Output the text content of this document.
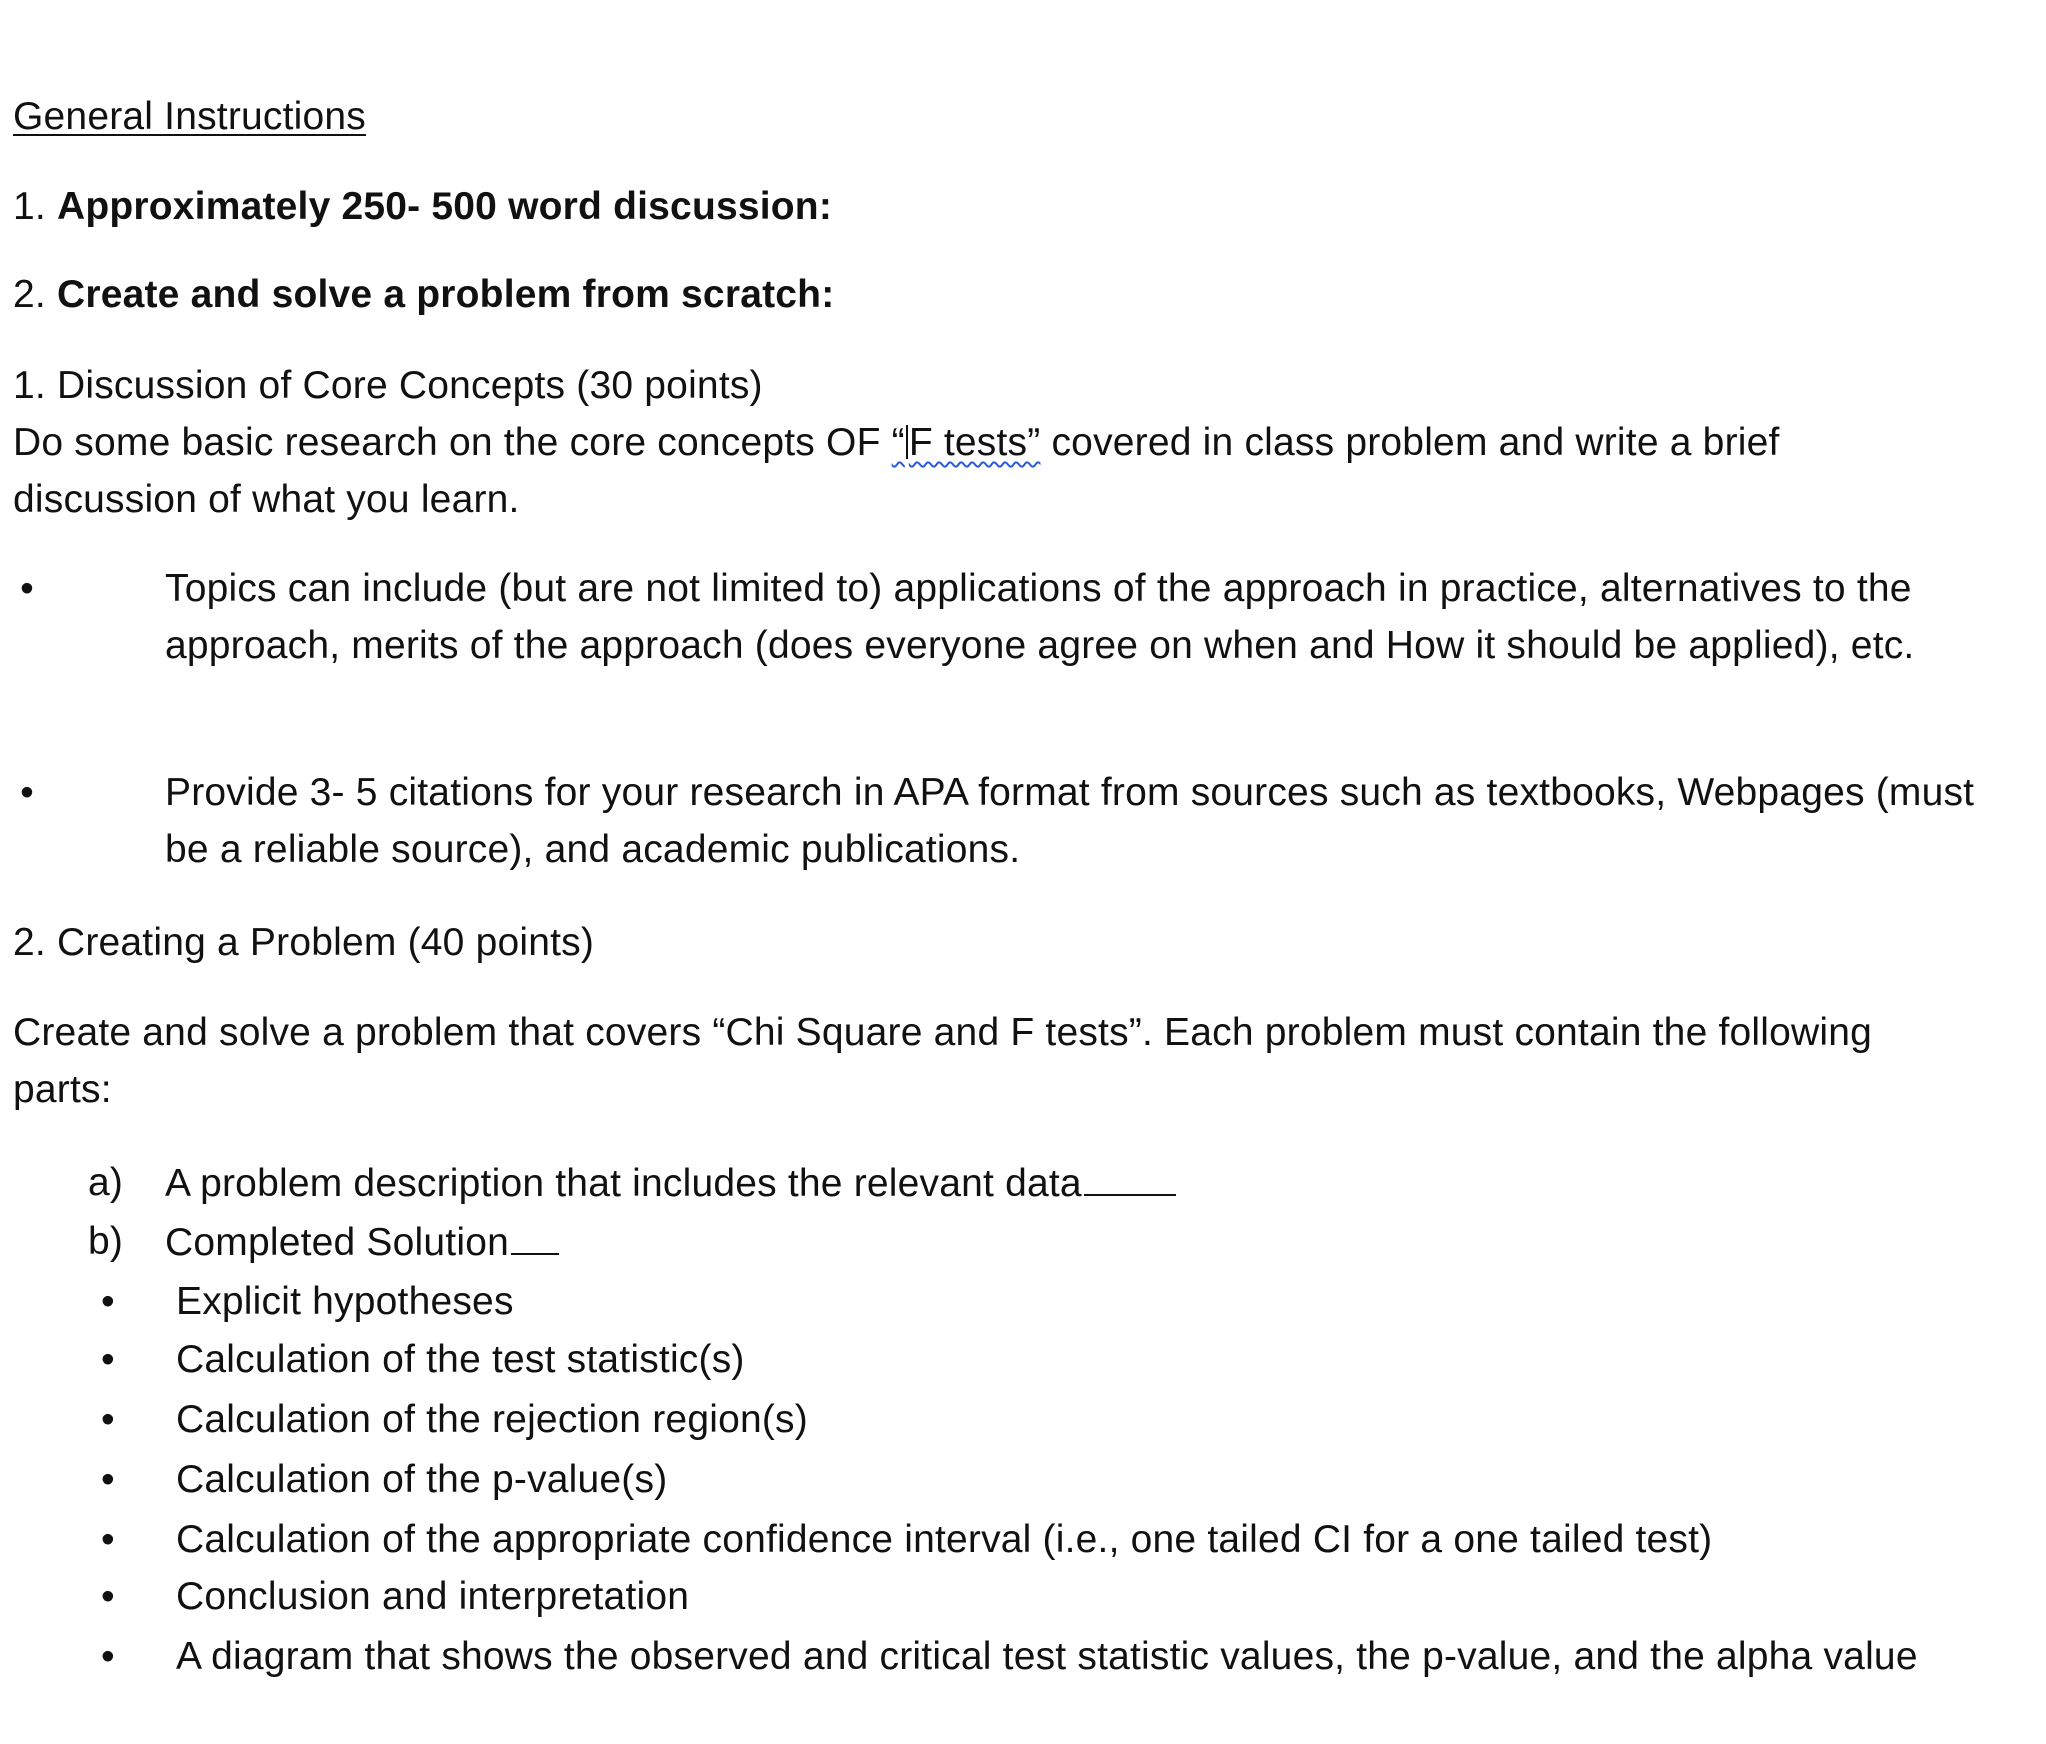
General Instructions
1. Approximately 250- 500 word discussion:
2. Create and solve a problem from scratch:
1. Discussion of Core Concepts (30 points)
Do some basic research on the core concepts OF “ F tests” covered in class problem and write a brief discussion of what you learn.
•	Topics can include (but are not limited to) applications of the approach in practice, alternatives to the approach, merits of the approach (does everyone agree on when and How it should be applied), etc.
•	Provide 3- 5 citations for your research in APA format from sources such as textbooks, Webpages (must be a reliable source), and academic publications.
2. Creating a Problem (40 points)
Create and solve a problem that covers “Chi Square and F tests”. Each problem must contain the following parts:
a) A problem description that includes the relevant data
b) Completed Solution
• Explicit hypotheses
• Calculation of the test statistic(s)
• Calculation of the rejection region(s)
• Calculation of the p-value(s)
• Calculation of the appropriate confidence interval (i.e., one tailed CI for a one tailed test)
• Conclusion and interpretation
• A diagram that shows the observed and critical test statistic values, the p-value, and the alpha value
